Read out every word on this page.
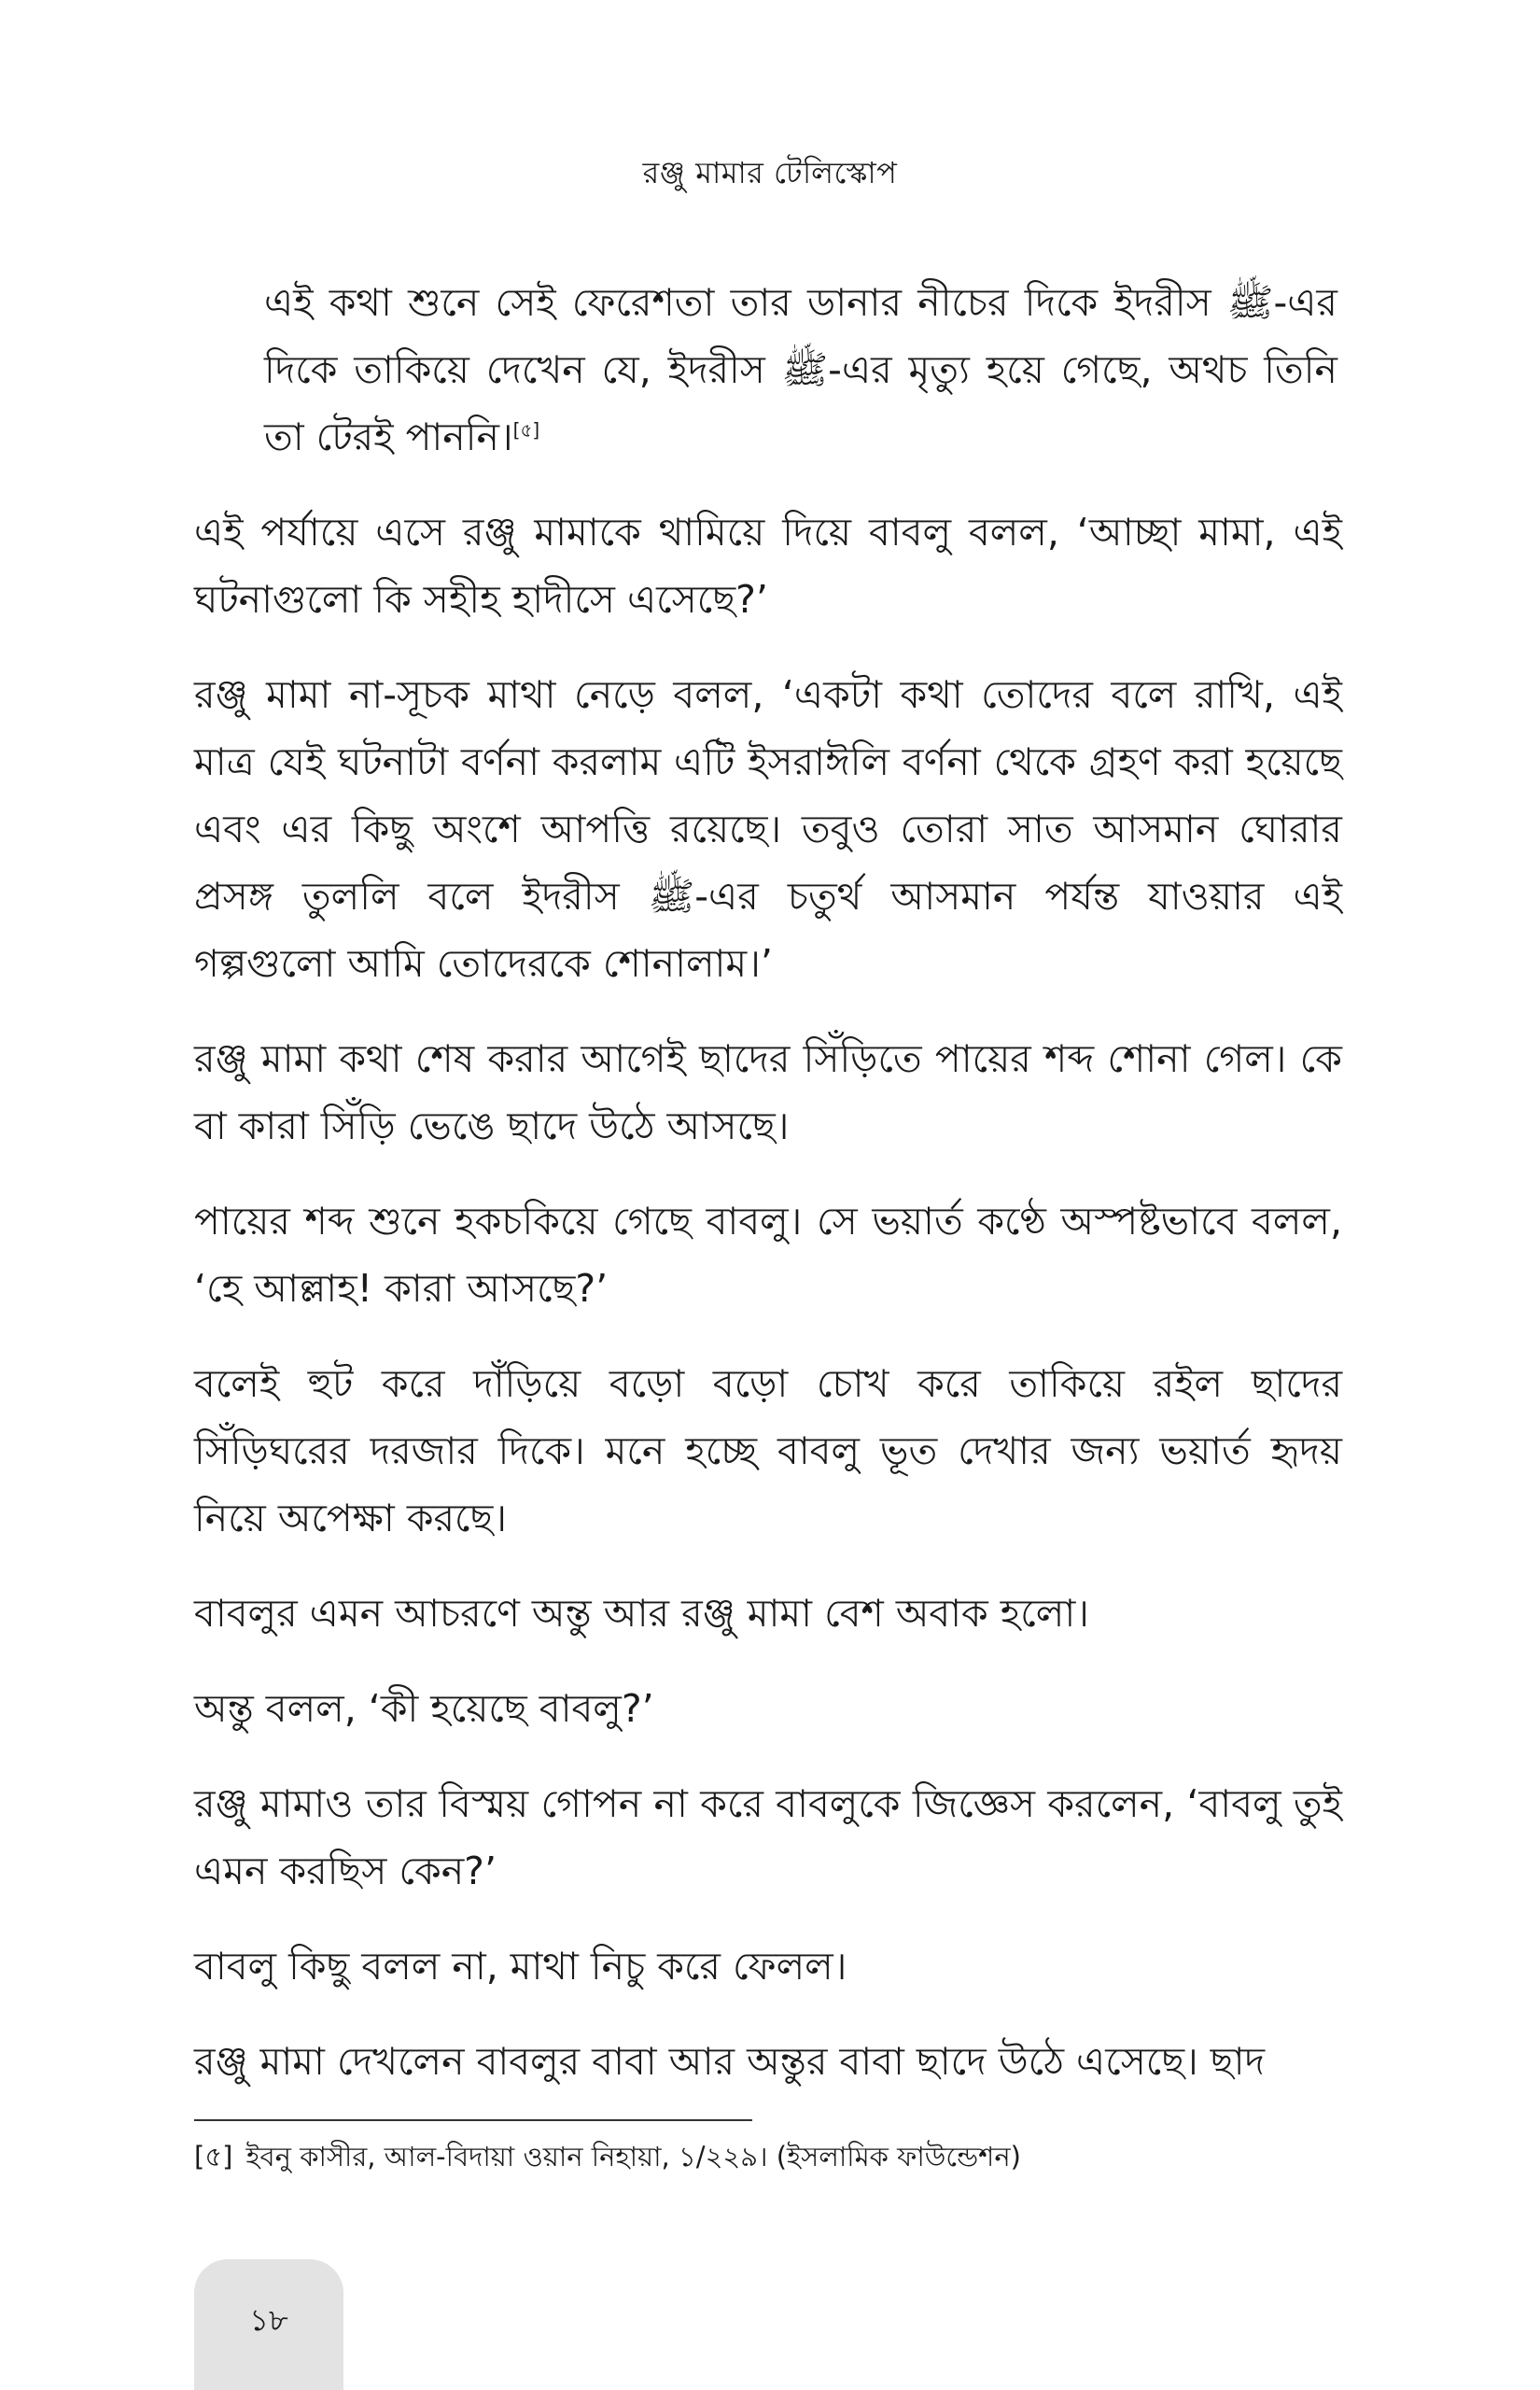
রঞ্জু মামার টেলিস্কোপ

এই কথা শুনে সেই ফেরেশতা তার ডানার নীচের দিকে ইদরীস ﷺ-এর দিকে তাকিয়ে দেখেন যে, ইদরীস ﷺ-এর মৃত্যু হয়ে গেছে, অথচ তিনি তা টেরই পাননি।[৫]

এই পর্যায়ে এসে রঞ্জু মামাকে থামিয়ে দিয়ে বাবলু বলল, ‘আচ্ছা মামা, এই ঘটনাগুলো কি সহীহ হাদীসে এসেছে?’

রঞ্জু মামা না-সূচক মাথা নেড়ে বলল, ‘একটা কথা তোদের বলে রাখি, এই মাত্র যেই ঘটনাটা বর্ণনা করলাম এটি ইসরাঈলি বর্ণনা থেকে গ্রহণ করা হয়েছে এবং এর কিছু অংশে আপত্তি রয়েছে। তবুও তোরা সাত আসমান ঘোরার প্রসঙ্গ তুললি বলে ইদরীস ﷺ-এর চতুর্থ আসমান পর্যন্ত যাওয়ার এই গল্পগুলো আমি তোদেরকে শোনালাম।’

রঞ্জু মামা কথা শেষ করার আগেই ছাদের সিঁড়িতে পায়ের শব্দ শোনা গেল। কে বা কারা সিঁড়ি ভেঙে ছাদে উঠে আসছে।

পায়ের শব্দ শুনে হকচকিয়ে গেছে বাবলু। সে ভয়ার্ত কণ্ঠে অস্পষ্টভাবে বলল, ‘হে আল্লাহ! কারা আসছে?’

বলেই হুট করে দাঁড়িয়ে বড়ো বড়ো চোখ করে তাকিয়ে রইল ছাদের সিঁড়িঘরের দরজার দিকে। মনে হচ্ছে বাবলু ভূত দেখার জন্য ভয়ার্ত হৃদয় নিয়ে অপেক্ষা করছে।

বাবলুর এমন আচরণে অন্তু আর রঞ্জু মামা বেশ অবাক হলো।

অন্তু বলল, ‘কী হয়েছে বাবলু?’

রঞ্জু মামাও তার বিস্ময় গোপন না করে বাবলুকে জিজ্ঞেস করলেন, ‘বাবলু তুই এমন করছিস কেন?’

বাবলু কিছু বলল না, মাথা নিচু করে ফেলল।

রঞ্জু মামা দেখলেন বাবলুর বাবা আর অন্তুর বাবা ছাদে উঠে এসেছে। ছাদ

[৫] ইবনু কাসীর, আল-বিদায়া ওয়ান নিহায়া, ১/২২৯। (ইসলামিক ফাউন্ডেশন)
১৮
